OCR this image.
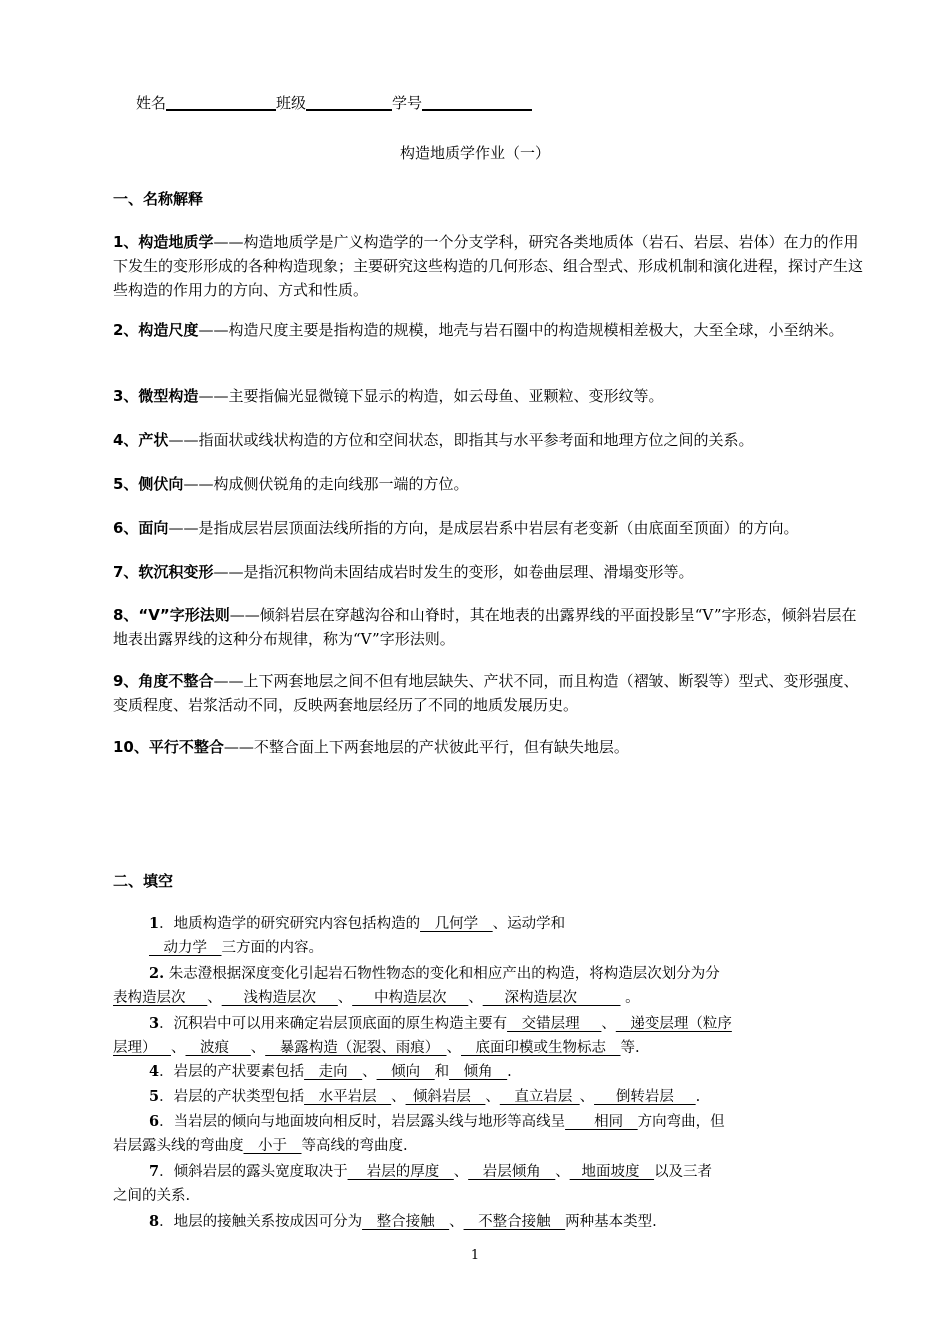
姓名	班级	学号
构造地质学作业（一）
一、名称解释
1、构造地质学——构造地质学是广义构造学的一个分支学科，研究各类地质体（岩石、岩层、岩体）在力的作用下发生的变形形成的各种构造现象；主要研究这些构造的几何形态、组合型式、形成机制和演化进程，探讨产生这些构造的作用力的方向、方式和性质。
2、构造尺度——构造尺度主要是指构造的规模，地壳与岩石圈中的构造规模相差极大，大至全球，小至纳米。
3、微型构造——主要指偏光显微镜下显示的构造，如云母鱼、亚颗粒、变形纹等。
4、产状——指面状或线状构造的方位和空间状态，即指其与水平参考面和地理方位之间的关系。
5、侧伏向——构成侧伏锐角的走向线那一端的方位。
6、面向——是指成层岩层顶面法线所指的方向，是成层岩系中岩层有老变新（由底面至顶面）的方向。
7、软沉积变形——是指沉积物尚未固结成岩时发生的变形，如卷曲层理、滑塌变形等。
8、“V”字形法则——倾斜岩层在穿越沟谷和山脊时，其在地表的出露界线的平面投影呈“V”字形态，倾斜岩层在地表出露界线的这种分布规律，称为“V”字形法则。
9、角度不整合——上下两套地层之间不但有地层缺失、产状不同，而且构造（褶皱、断裂等）型式、变形强度、变质程度、岩浆活动不同，反映两套地层经历了不同的地质发展历史。
10、平行不整合——不整合面上下两套地层的产状彼此平行，但有缺失地层。
二、填空
1．地质构造学的研究研究内容包括构造的__几何学__、运动学和
__动力学__三方面的内容。
2. 朱志澄根据深度变化引起岩石物性物态的变化和相应产出的构造，将构造层次划分为分
表构造层次___、___浅构造层次___、___中构造层次___、___深构造层次______ 。
3．沉积岩中可以用来确定岩层顶底面的原生构造主要有__交错层理___、__递变层理（粒序
层理）__、__波痕___、__暴露构造（泥裂、雨痕）_、__底面印模或生物标志__等.
4．岩层的产状要素包括__走向__、__倾向__和__倾角__.
5．岩层的产状类型包括__水平岩层__、_倾斜岩层__、__直立岩层_、___倒转岩层___.
6．当岩层的倾向与地面坡向相反时，岩层露头线与地形等高线呈____相同__方向弯曲，但
岩层露头线的弯曲度__小于__等高线的弯曲度.
7．倾斜岩层的露头宽度取决于__ 岩层的厚度__、__岩层倾角__、_ 地面坡度__以及三者
之间的关系.
8．地层的接触关系按成因可分为__整合接触__、__不整合接触__两种基本类型.
1
